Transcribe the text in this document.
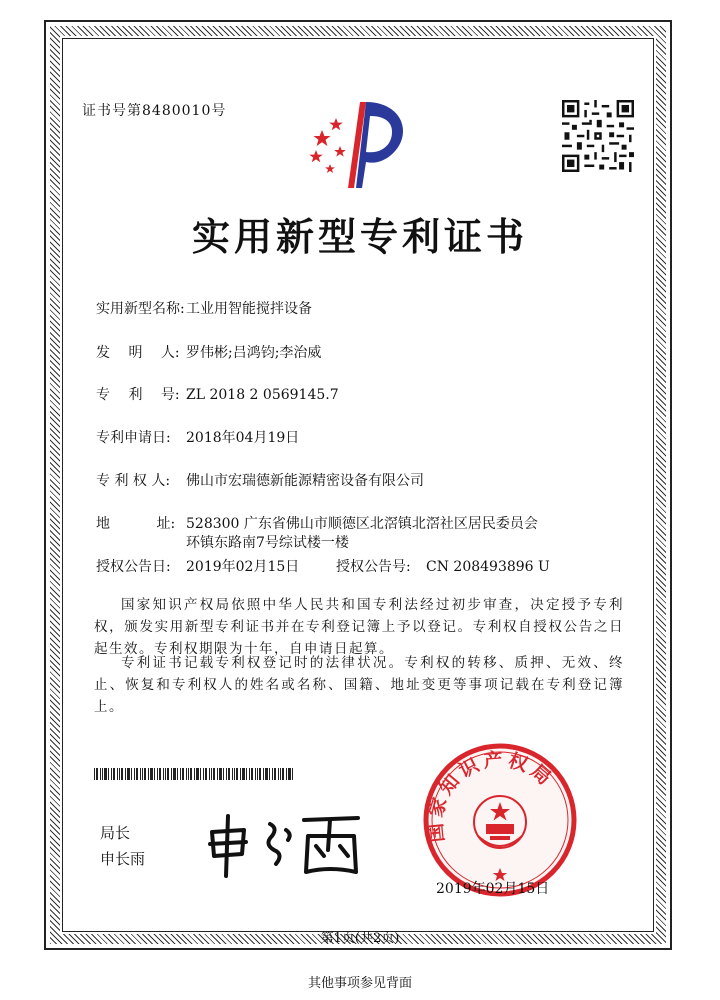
证书号第8480010号
实用新型专利证书
实用新型名称:工业用智能搅拌设备
发　 明　 人: 罗伟彬;吕鸿钧;李治威
专　 利　 号: ZL 2018 2 0569145.7
专利申请日: 2018年04月19日
专 利 权 人: 佛山市宏瑞德新能源精密设备有限公司
地　　　 址: 528300 广东省佛山市顺德区北滘镇北滘社区居民委员会
环镇东路南7号综试楼一楼
授权公告日: 2019年02月15日	授权公告号: CN 208493896 U
国家知识产权局依照中华人民共和国专利法经过初步审查，决定授予专利权，颁发实用新型专利证书并在专利登记簿上予以登记。专利权自授权公告之日起生效。专利权期限为十年，自申请日起算。
专利证书记载专利权登记时的法律状况。专利权的转移、质押、无效、终止、恢复和专利权人的姓名或名称、国籍、地址变更等事项记载在专利登记簿上。
局长
申长雨
国家知识产权局
2019年02月15日
第1页(共2页)
其他事项参见背面
